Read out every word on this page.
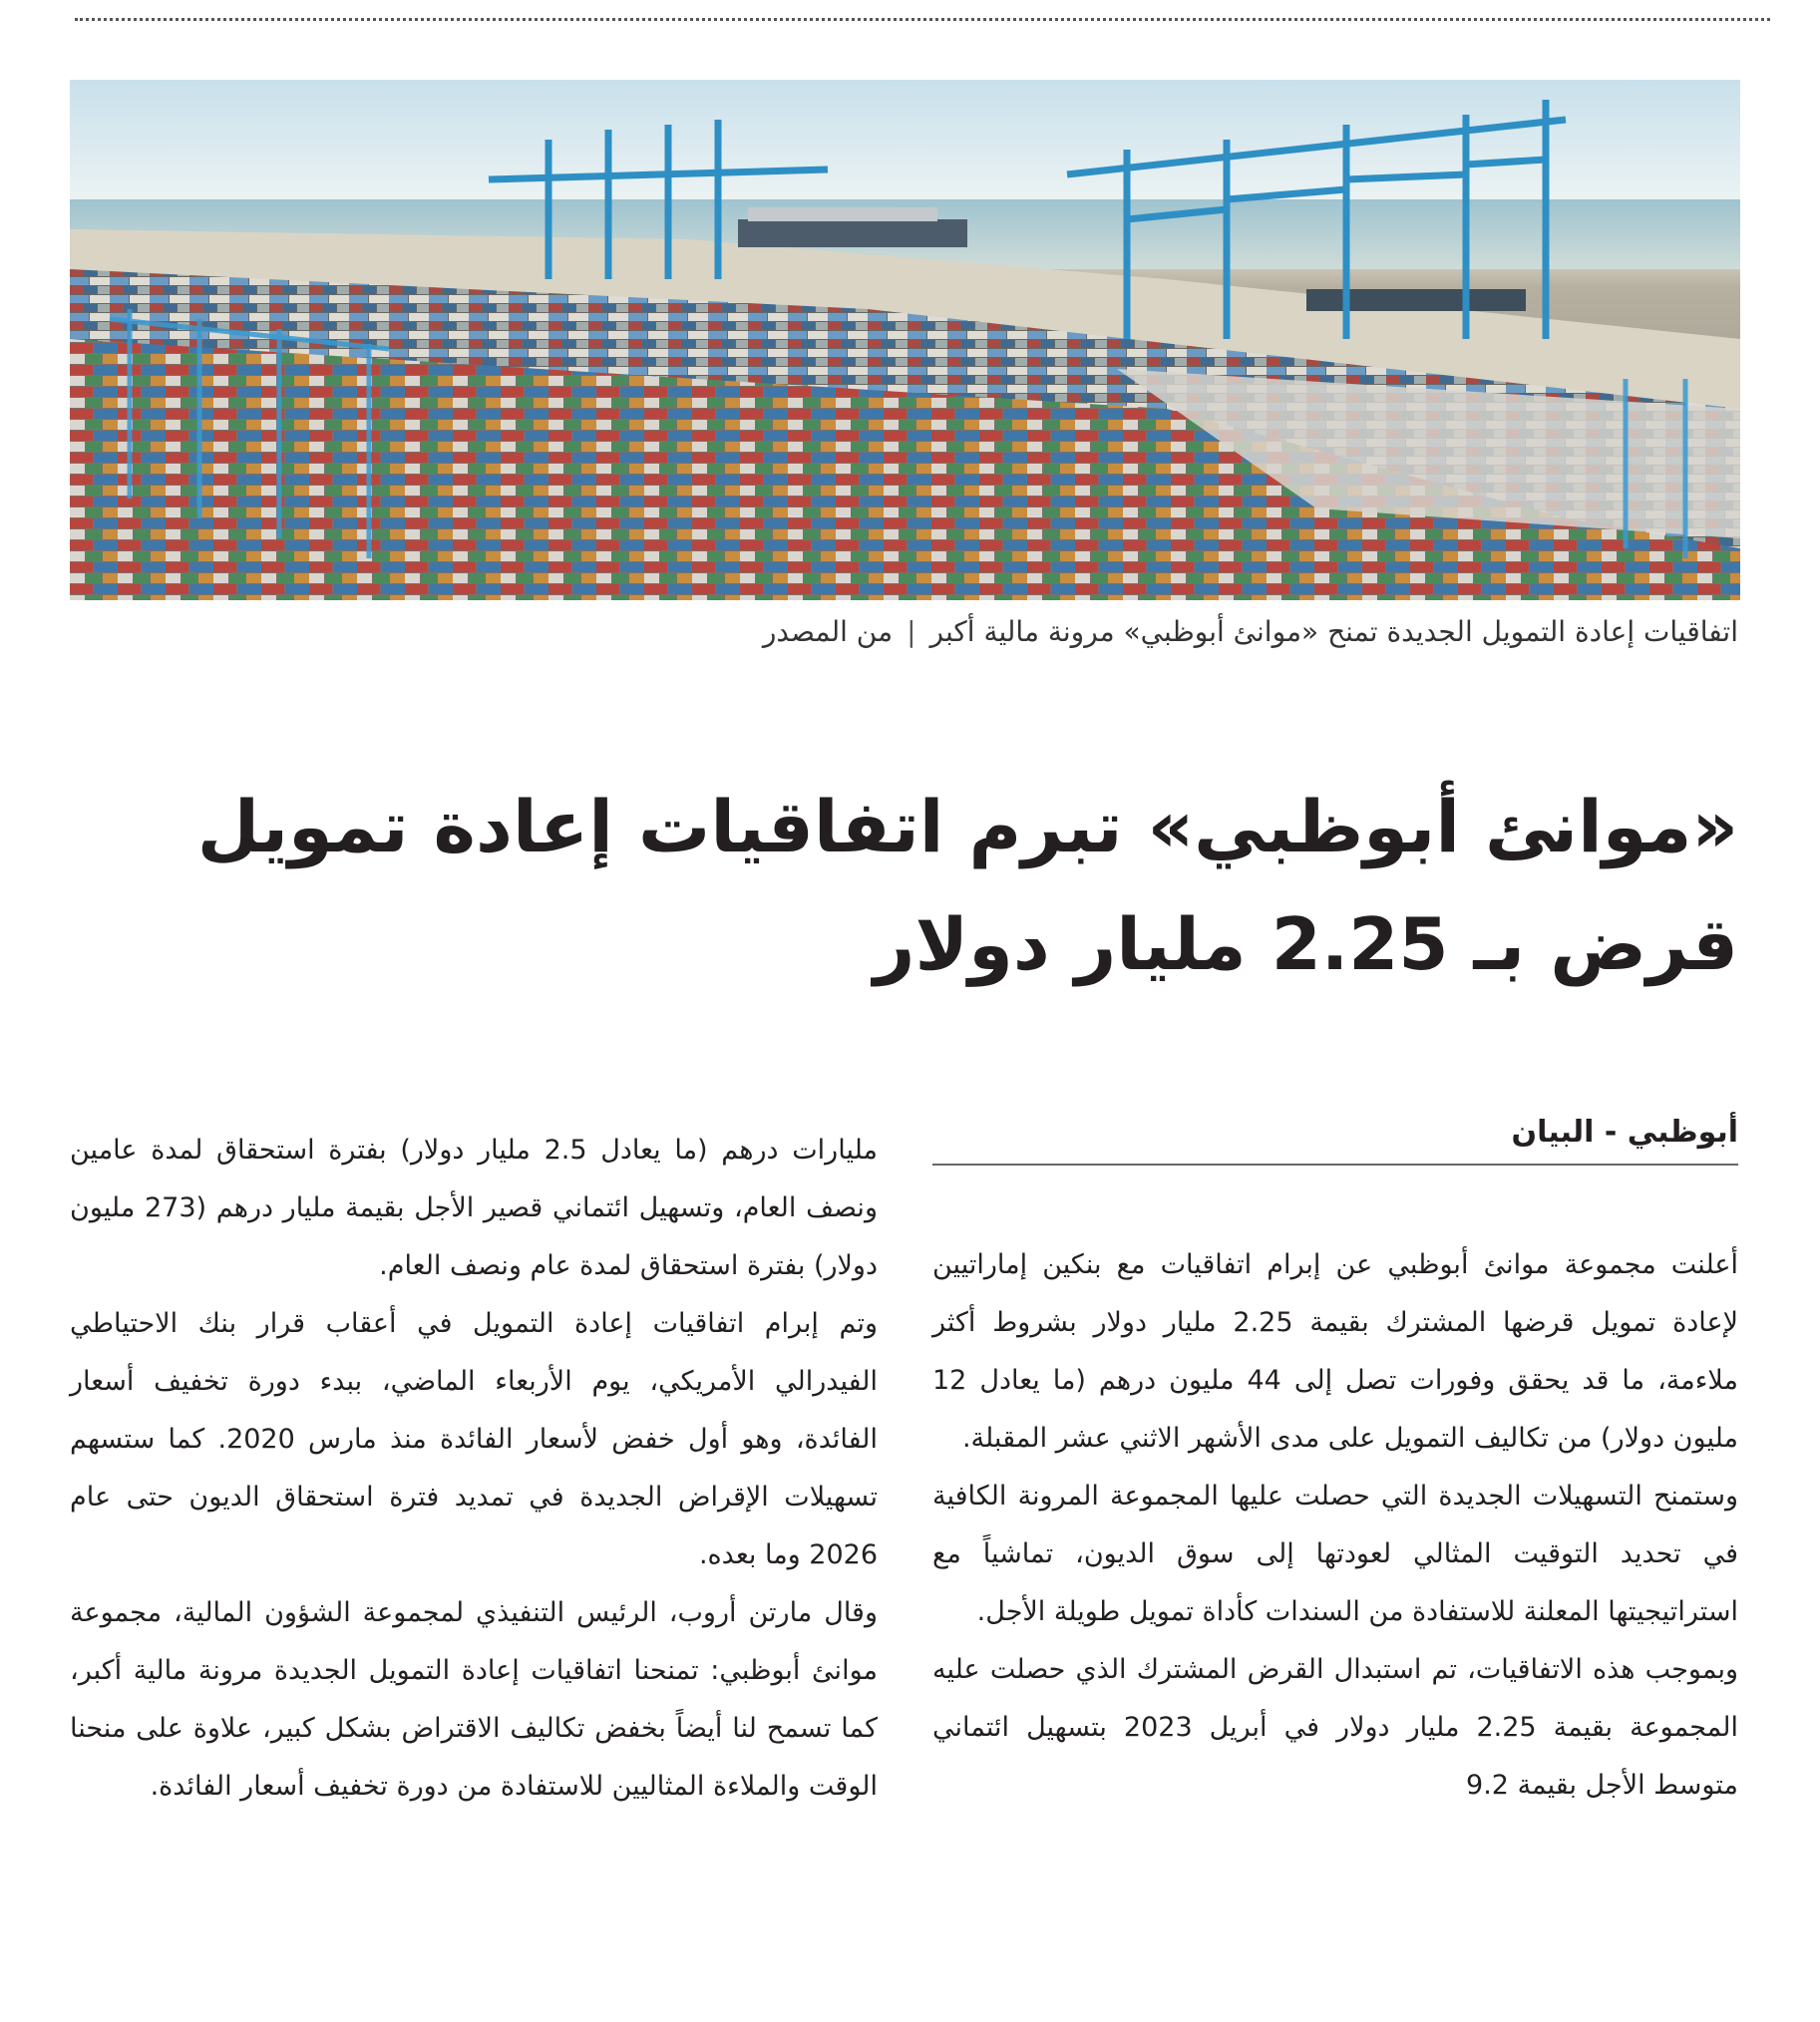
اتفاقيات إعادة التمويل الجديدة تمنح «موانئ أبوظبي» مرونة مالية أكبر|من المصدر
«موانئ أبوظبي» تبرم اتفاقيات إعادة تمويل
قرض بـ 2.25 مليار دولار
أبوظبي - البيان

أعلنت مجموعة موانئ أبوظبي عن إبرام اتفاقيات مع بنكين إماراتيين لإعادة تمويل قرضها المشترك بقيمة 2.25 مليار دولار بشروط أكثر ملاءمة، ما قد يحقق وفورات تصل إلى 44 مليون درهم (ما يعادل 12 مليون دولار) من تكاليف التمويل على مدى الأشهر الاثني عشر المقبلة.

وستمنح التسهيلات الجديدة التي حصلت عليها المجموعة المرونة الكافية في تحديد التوقيت المثالي لعودتها إلى سوق الديون، تماشياً مع استراتيجيتها المعلنة للاستفادة من السندات كأداة تمويل طويلة الأجل.

وبموجب هذه الاتفاقيات، تم استبدال القرض المشترك الذي حصلت عليه المجموعة بقيمة 2.25 مليار دولار في أبريل 2023 بتسهيل ائتماني متوسط الأجل بقيمة 9.2

مليارات درهم (ما يعادل 2.5 مليار دولار) بفترة استحقاق لمدة عامين ونصف العام، وتسهيل ائتماني قصير الأجل بقيمة مليار درهم (273 مليون دولار) بفترة استحقاق لمدة عام ونصف العام.

وتم إبرام اتفاقيات إعادة التمويل في أعقاب قرار بنك الاحتياطي الفيدرالي الأمريكي، يوم الأربعاء الماضي، ببدء دورة تخفيف أسعار الفائدة، وهو أول خفض لأسعار الفائدة منذ مارس 2020. كما ستسهم تسهيلات الإقراض الجديدة في تمديد فترة استحقاق الديون حتى عام 2026 وما بعده.

وقال مارتن أروب، الرئيس التنفيذي لمجموعة الشؤون المالية، مجموعة موانئ أبوظبي: تمنحنا اتفاقيات إعادة التمويل الجديدة مرونة مالية أكبر، كما تسمح لنا أيضاً بخفض تكاليف الاقتراض بشكل كبير، علاوة على منحنا الوقت والملاءة المثاليين للاستفادة من دورة تخفيف أسعار الفائدة.
